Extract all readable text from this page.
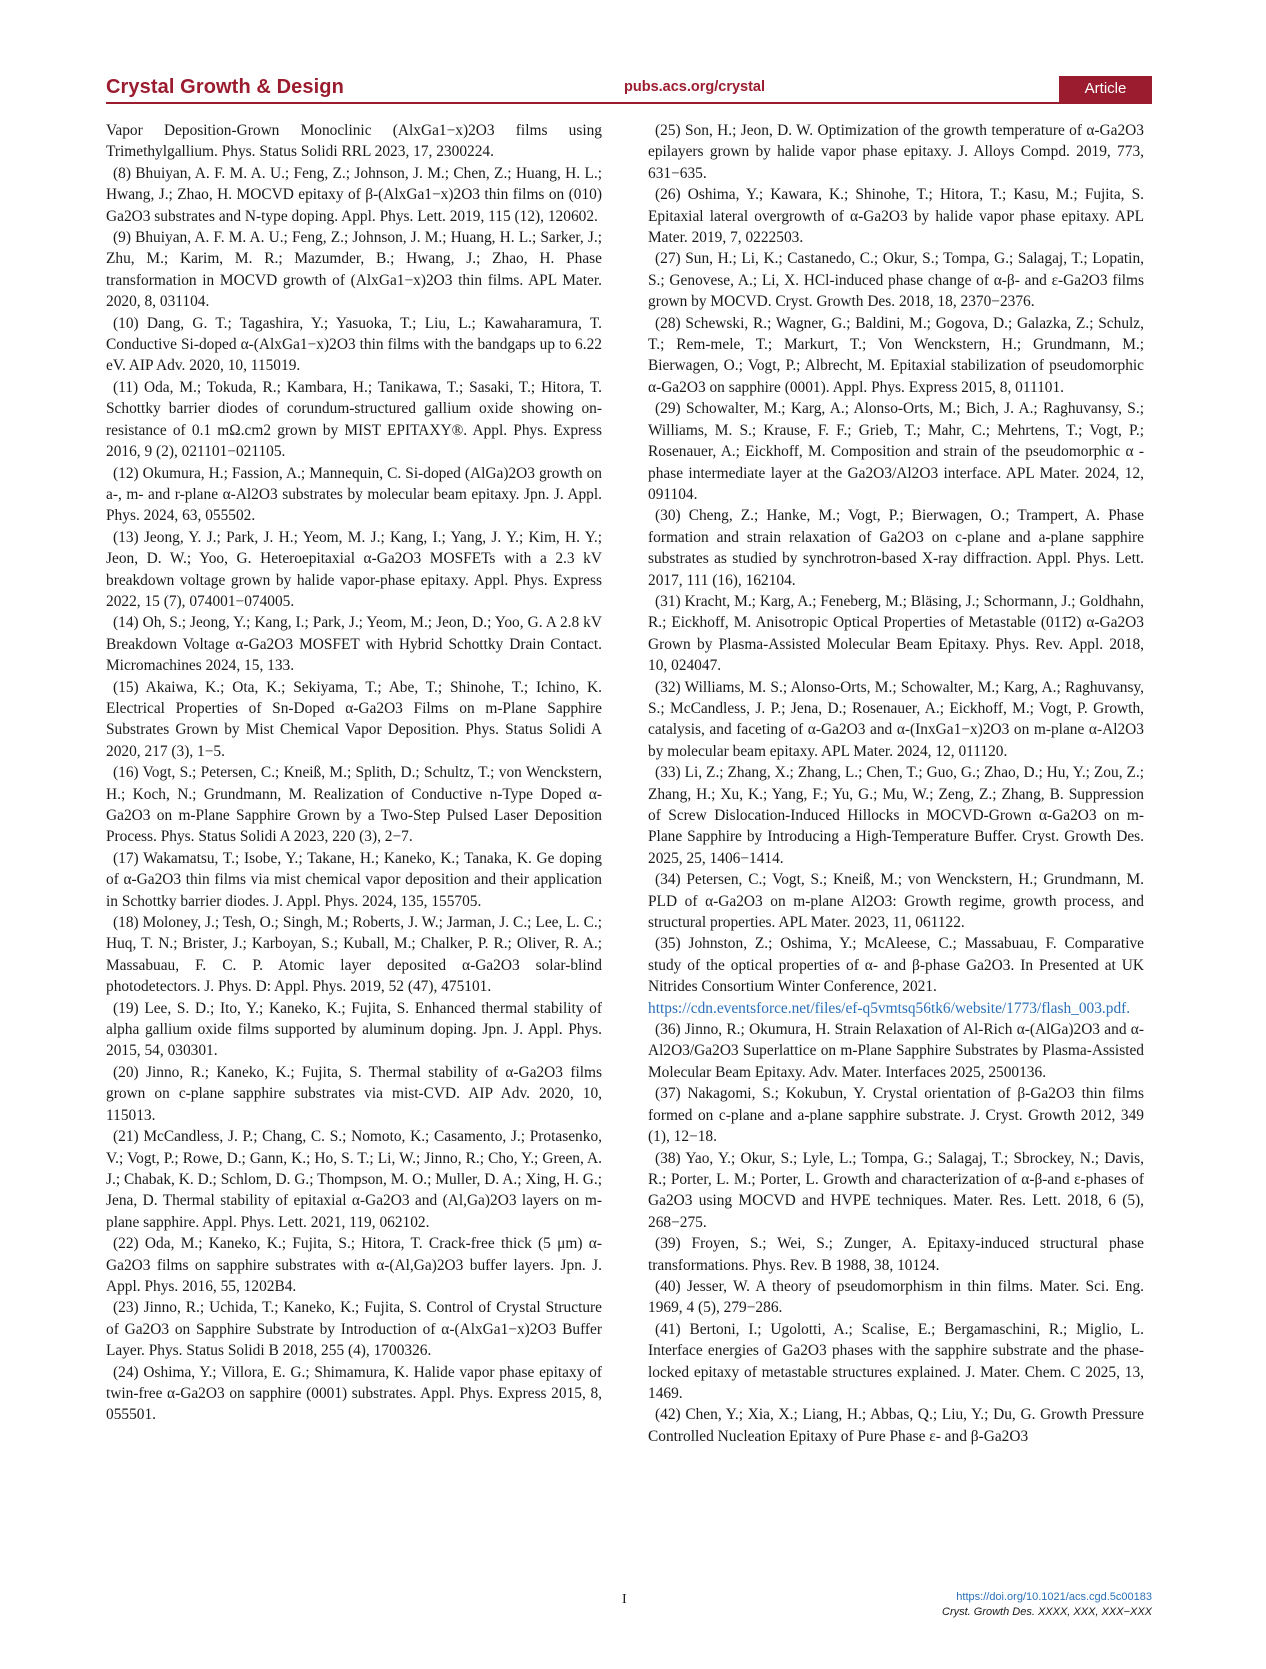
Crystal Growth & Design	pubs.acs.org/crystal	Article

Vapor Deposition-Grown Monoclinic (AlxGa1−x)2O3 films using Trimethylgallium. Phys. Status Solidi RRL 2023, 17, 2300224.

(8) Bhuiyan, A. F. M. A. U.; Feng, Z.; Johnson, J. M.; Chen, Z.; Huang, H. L.; Hwang, J.; Zhao, H. MOCVD epitaxy of β-(AlxGa1−x)2O3 thin films on (010) Ga2O3 substrates and N-type doping. Appl. Phys. Lett. 2019, 115 (12), 120602.

(9) Bhuiyan, A. F. M. A. U.; Feng, Z.; Johnson, J. M.; Huang, H. L.; Sarker, J.; Zhu, M.; Karim, M. R.; Mazumder, B.; Hwang, J.; Zhao, H. Phase transformation in MOCVD growth of (AlxGa1−x)2O3 thin films. APL Mater. 2020, 8, 031104.

(10) Dang, G. T.; Tagashira, Y.; Yasuoka, T.; Liu, L.; Kawaharamura, T. Conductive Si-doped α-(AlxGa1−x)2O3 thin films with the bandgaps up to 6.22 eV. AIP Adv. 2020, 10, 115019.

(11) Oda, M.; Tokuda, R.; Kambara, H.; Tanikawa, T.; Sasaki, T.; Hitora, T. Schottky barrier diodes of corundum-structured gallium oxide showing on-resistance of 0.1 mΩ.cm2 grown by MIST EPITAXY®. Appl. Phys. Express 2016, 9 (2), 021101−021105.

(12) Okumura, H.; Fassion, A.; Mannequin, C. Si-doped (AlGa)2O3 growth on a-, m- and r-plane α-Al2O3 substrates by molecular beam epitaxy. Jpn. J. Appl. Phys. 2024, 63, 055502.

(13) Jeong, Y. J.; Park, J. H.; Yeom, M. J.; Kang, I.; Yang, J. Y.; Kim, H. Y.; Jeon, D. W.; Yoo, G. Heteroepitaxial α-Ga2O3 MOSFETs with a 2.3 kV breakdown voltage grown by halide vapor-phase epitaxy. Appl. Phys. Express 2022, 15 (7), 074001−074005.

(14) Oh, S.; Jeong, Y.; Kang, I.; Park, J.; Yeom, M.; Jeon, D.; Yoo, G. A 2.8 kV Breakdown Voltage α-Ga2O3 MOSFET with Hybrid Schottky Drain Contact. Micromachines 2024, 15, 133.

(15) Akaiwa, K.; Ota, K.; Sekiyama, T.; Abe, T.; Shinohe, T.; Ichino, K. Electrical Properties of Sn-Doped α-Ga2O3 Films on m-Plane Sapphire Substrates Grown by Mist Chemical Vapor Deposition. Phys. Status Solidi A 2020, 217 (3), 1−5.

(16) Vogt, S.; Petersen, C.; Kneiß, M.; Splith, D.; Schultz, T.; von Wenckstern, H.; Koch, N.; Grundmann, M. Realization of Conductive n-Type Doped α-Ga2O3 on m-Plane Sapphire Grown by a Two-Step Pulsed Laser Deposition Process. Phys. Status Solidi A 2023, 220 (3), 2−7.

(17) Wakamatsu, T.; Isobe, Y.; Takane, H.; Kaneko, K.; Tanaka, K. Ge doping of α-Ga2O3 thin films via mist chemical vapor deposition and their application in Schottky barrier diodes. J. Appl. Phys. 2024, 135, 155705.

(18) Moloney, J.; Tesh, O.; Singh, M.; Roberts, J. W.; Jarman, J. C.; Lee, L. C.; Huq, T. N.; Brister, J.; Karboyan, S.; Kuball, M.; Chalker, P. R.; Oliver, R. A.; Massabuau, F. C. P. Atomic layer deposited α-Ga2O3 solar-blind photodetectors. J. Phys. D: Appl. Phys. 2019, 52 (47), 475101.

(19) Lee, S. D.; Ito, Y.; Kaneko, K.; Fujita, S. Enhanced thermal stability of alpha gallium oxide films supported by aluminum doping. Jpn. J. Appl. Phys. 2015, 54, 030301.

(20) Jinno, R.; Kaneko, K.; Fujita, S. Thermal stability of α-Ga2O3 films grown on c-plane sapphire substrates via mist-CVD. AIP Adv. 2020, 10, 115013.

(21) McCandless, J. P.; Chang, C. S.; Nomoto, K.; Casamento, J.; Protasenko, V.; Vogt, P.; Rowe, D.; Gann, K.; Ho, S. T.; Li, W.; Jinno, R.; Cho, Y.; Green, A. J.; Chabak, K. D.; Schlom, D. G.; Thompson, M. O.; Muller, D. A.; Xing, H. G.; Jena, D. Thermal stability of epitaxial α-Ga2O3 and (Al,Ga)2O3 layers on m-plane sapphire. Appl. Phys. Lett. 2021, 119, 062102.

(22) Oda, M.; Kaneko, K.; Fujita, S.; Hitora, T. Crack-free thick (5 μm) α-Ga2O3 films on sapphire substrates with α-(Al,Ga)2O3 buffer layers. Jpn. J. Appl. Phys. 2016, 55, 1202B4.

(23) Jinno, R.; Uchida, T.; Kaneko, K.; Fujita, S. Control of Crystal Structure of Ga2O3 on Sapphire Substrate by Introduction of α-(AlxGa1−x)2O3 Buffer Layer. Phys. Status Solidi B 2018, 255 (4), 1700326.

(24) Oshima, Y.; Villora, E. G.; Shimamura, K. Halide vapor phase epitaxy of twin-free α-Ga2O3 on sapphire (0001) substrates. Appl. Phys. Express 2015, 8, 055501.

(25) Son, H.; Jeon, D. W. Optimization of the growth temperature of α-Ga2O3 epilayers grown by halide vapor phase epitaxy. J. Alloys Compd. 2019, 773, 631−635.

(26) Oshima, Y.; Kawara, K.; Shinohe, T.; Hitora, T.; Kasu, M.; Fujita, S. Epitaxial lateral overgrowth of α-Ga2O3 by halide vapor phase epitaxy. APL Mater. 2019, 7, 0222503.

(27) Sun, H.; Li, K.; Castanedo, C.; Okur, S.; Tompa, G.; Salagaj, T.; Lopatin, S.; Genovese, A.; Li, X. HCl-induced phase change of α-β- and ε-Ga2O3 films grown by MOCVD. Cryst. Growth Des. 2018, 18, 2370−2376.

(28) Schewski, R.; Wagner, G.; Baldini, M.; Gogova, D.; Galazka, Z.; Schulz, T.; Rem-mele, T.; Markurt, T.; Von Wenckstern, H.; Grundmann, M.; Bierwagen, O.; Vogt, P.; Albrecht, M. Epitaxial stabilization of pseudomorphic α-Ga2O3 on sapphire (0001). Appl. Phys. Express 2015, 8, 011101.

(29) Schowalter, M.; Karg, A.; Alonso-Orts, M.; Bich, J. A.; Raghuvansy, S.; Williams, M. S.; Krause, F. F.; Grieb, T.; Mahr, C.; Mehrtens, T.; Vogt, P.; Rosenauer, A.; Eickhoff, M. Composition and strain of the pseudomorphic α -phase intermediate layer at the Ga2O3/Al2O3 interface. APL Mater. 2024, 12, 091104.

(30) Cheng, Z.; Hanke, M.; Vogt, P.; Bierwagen, O.; Trampert, A. Phase formation and strain relaxation of Ga2O3 on c-plane and a-plane sapphire substrates as studied by synchrotron-based X-ray diffraction. Appl. Phys. Lett. 2017, 111 (16), 162104.

(31) Kracht, M.; Karg, A.; Feneberg, M.; Bläsing, J.; Schormann, J.; Goldhahn, R.; Eickhoff, M. Anisotropic Optical Properties of Metastable (011̄2) α-Ga2O3 Grown by Plasma-Assisted Molecular Beam Epitaxy. Phys. Rev. Appl. 2018, 10, 024047.

(32) Williams, M. S.; Alonso-Orts, M.; Schowalter, M.; Karg, A.; Raghuvansy, S.; McCandless, J. P.; Jena, D.; Rosenauer, A.; Eickhoff, M.; Vogt, P. Growth, catalysis, and faceting of α-Ga2O3 and α-(InxGa1−x)2O3 on m-plane α-Al2O3 by molecular beam epitaxy. APL Mater. 2024, 12, 011120.

(33) Li, Z.; Zhang, X.; Zhang, L.; Chen, T.; Guo, G.; Zhao, D.; Hu, Y.; Zou, Z.; Zhang, H.; Xu, K.; Yang, F.; Yu, G.; Mu, W.; Zeng, Z.; Zhang, B. Suppression of Screw Dislocation-Induced Hillocks in MOCVD-Grown α-Ga2O3 on m-Plane Sapphire by Introducing a High-Temperature Buffer. Cryst. Growth Des. 2025, 25, 1406−1414.

(34) Petersen, C.; Vogt, S.; Kneiß, M.; von Wenckstern, H.; Grundmann, M. PLD of α-Ga2O3 on m-plane Al2O3: Growth regime, growth process, and structural properties. APL Mater. 2023, 11, 061122.

(35) Johnston, Z.; Oshima, Y.; McAleese, C.; Massabuau, F. Comparative study of the optical properties of α- and β-phase Ga2O3. In Presented at UK Nitrides Consortium Winter Conference, 2021.

https://cdn.eventsforce.net/files/ef-q5vmtsq56tk6/website/1773/flash_003.pdf.

(36) Jinno, R.; Okumura, H. Strain Relaxation of Al-Rich α-(AlGa)2O3 and α-Al2O3/Ga2O3 Superlattice on m-Plane Sapphire Substrates by Plasma-Assisted Molecular Beam Epitaxy. Adv. Mater. Interfaces 2025, 2500136.

(37) Nakagomi, S.; Kokubun, Y. Crystal orientation of β-Ga2O3 thin films formed on c-plane and a-plane sapphire substrate. J. Cryst. Growth 2012, 349 (1), 12−18.

(38) Yao, Y.; Okur, S.; Lyle, L.; Tompa, G.; Salagaj, T.; Sbrockey, N.; Davis, R.; Porter, L. M.; Porter, L. Growth and characterization of α-β-and ε-phases of Ga2O3 using MOCVD and HVPE techniques. Mater. Res. Lett. 2018, 6 (5), 268−275.

(39) Froyen, S.; Wei, S.; Zunger, A. Epitaxy-induced structural phase transformations. Phys. Rev. B 1988, 38, 10124.

(40) Jesser, W. A theory of pseudomorphism in thin films. Mater. Sci. Eng. 1969, 4 (5), 279−286.

(41) Bertoni, I.; Ugolotti, A.; Scalise, E.; Bergamaschini, R.; Miglio, L. Interface energies of Ga2O3 phases with the sapphire substrate and the phase-locked epitaxy of metastable structures explained. J. Mater. Chem. C 2025, 13, 1469.

(42) Chen, Y.; Xia, X.; Liang, H.; Abbas, Q.; Liu, Y.; Du, G. Growth Pressure Controlled Nucleation Epitaxy of Pure Phase ε- and β-Ga2O3

I	https://doi.org/10.1021/acs.cgd.5c00183
Cryst. Growth Des. XXXX, XXX, XXX−XXX
